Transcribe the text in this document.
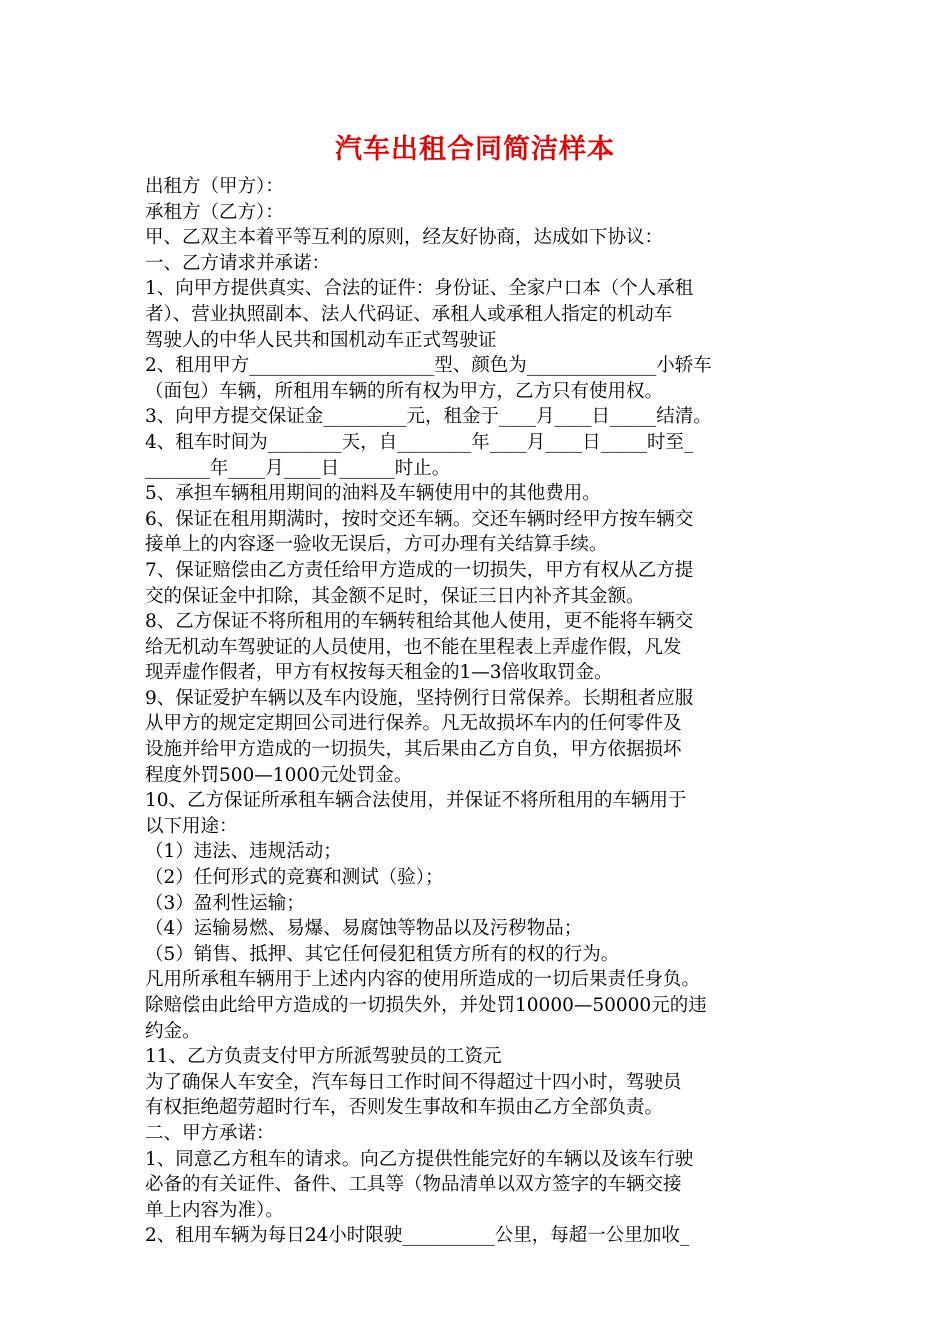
汽车出租合同简洁样本
出租方（甲方）：
承租方（乙方）：
甲、乙双主本着平等互利的原则，经友好协商，达成如下协议：
一、乙方请求并承诺：
1、向甲方提供真实、合法的证件：身份证、全家户口本（个人承租
者）、营业执照副本、法人代码证、承租人或承租人指定的机动车
驾驶人的中华人民共和国机动车正式驾驶证
2、租用甲方____________________型、颜色为______________小轿车
（面包）车辆，所租用车辆的所有权为甲方，乙方只有使用权。
3、向甲方提交保证金_________元，租金于____月____日_____结清。
4、租车时间为________天，自________年____月____日_____时至_
_______年____月____日______时止。
5、承担车辆租用期间的油料及车辆使用中的其他费用。
6、保证在租用期满时，按时交还车辆。交还车辆时经甲方按车辆交
接单上的内容逐一验收无误后，方可办理有关结算手续。
7、保证赔偿由乙方责任给甲方造成的一切损失，甲方有权从乙方提
交的保证金中扣除，其金额不足时，保证三日内补齐其金额。
8、乙方保证不将所租用的车辆转租给其他人使用，更不能将车辆交
给无机动车驾驶证的人员使用，也不能在里程表上弄虚作假，凡发
现弄虚作假者，甲方有权按每天租金的1—3倍收取罚金。
9、保证爱护车辆以及车内设施，坚持例行日常保养。长期租者应服
从甲方的规定定期回公司进行保养。凡无故损坏车内的任何零件及
设施并给甲方造成的一切损失，其后果由乙方自负，甲方依据损坏
程度外罚500—1000元处罚金。
10、乙方保证所承租车辆合法使用，并保证不将所租用的车辆用于
以下用途：
（1）违法、违规活动；
（2）任何形式的竞赛和测试（验）；
（3）盈利性运输；
（4）运输易燃、易爆、易腐蚀等物品以及污秽物品；
（5）销售、抵押、其它任何侵犯租赁方所有的权的行为。
凡用所承租车辆用于上述内内容的使用所造成的一切后果责任身负。
除赔偿由此给甲方造成的一切损失外，并处罚10000—50000元的违
约金。
11、乙方负责支付甲方所派驾驶员的工资元
为了确保人车安全，汽车每日工作时间不得超过十四小时，驾驶员
有权拒绝超劳超时行车，否则发生事故和车损由乙方全部负责。
二、甲方承诺：
1、同意乙方租车的请求。向乙方提供性能完好的车辆以及该车行驶
必备的有关证件、备件、工具等（物品清单以双方签字的车辆交接
单上内容为准）。
2、租用车辆为每日24小时限驶__________公里，每超一公里加收_
